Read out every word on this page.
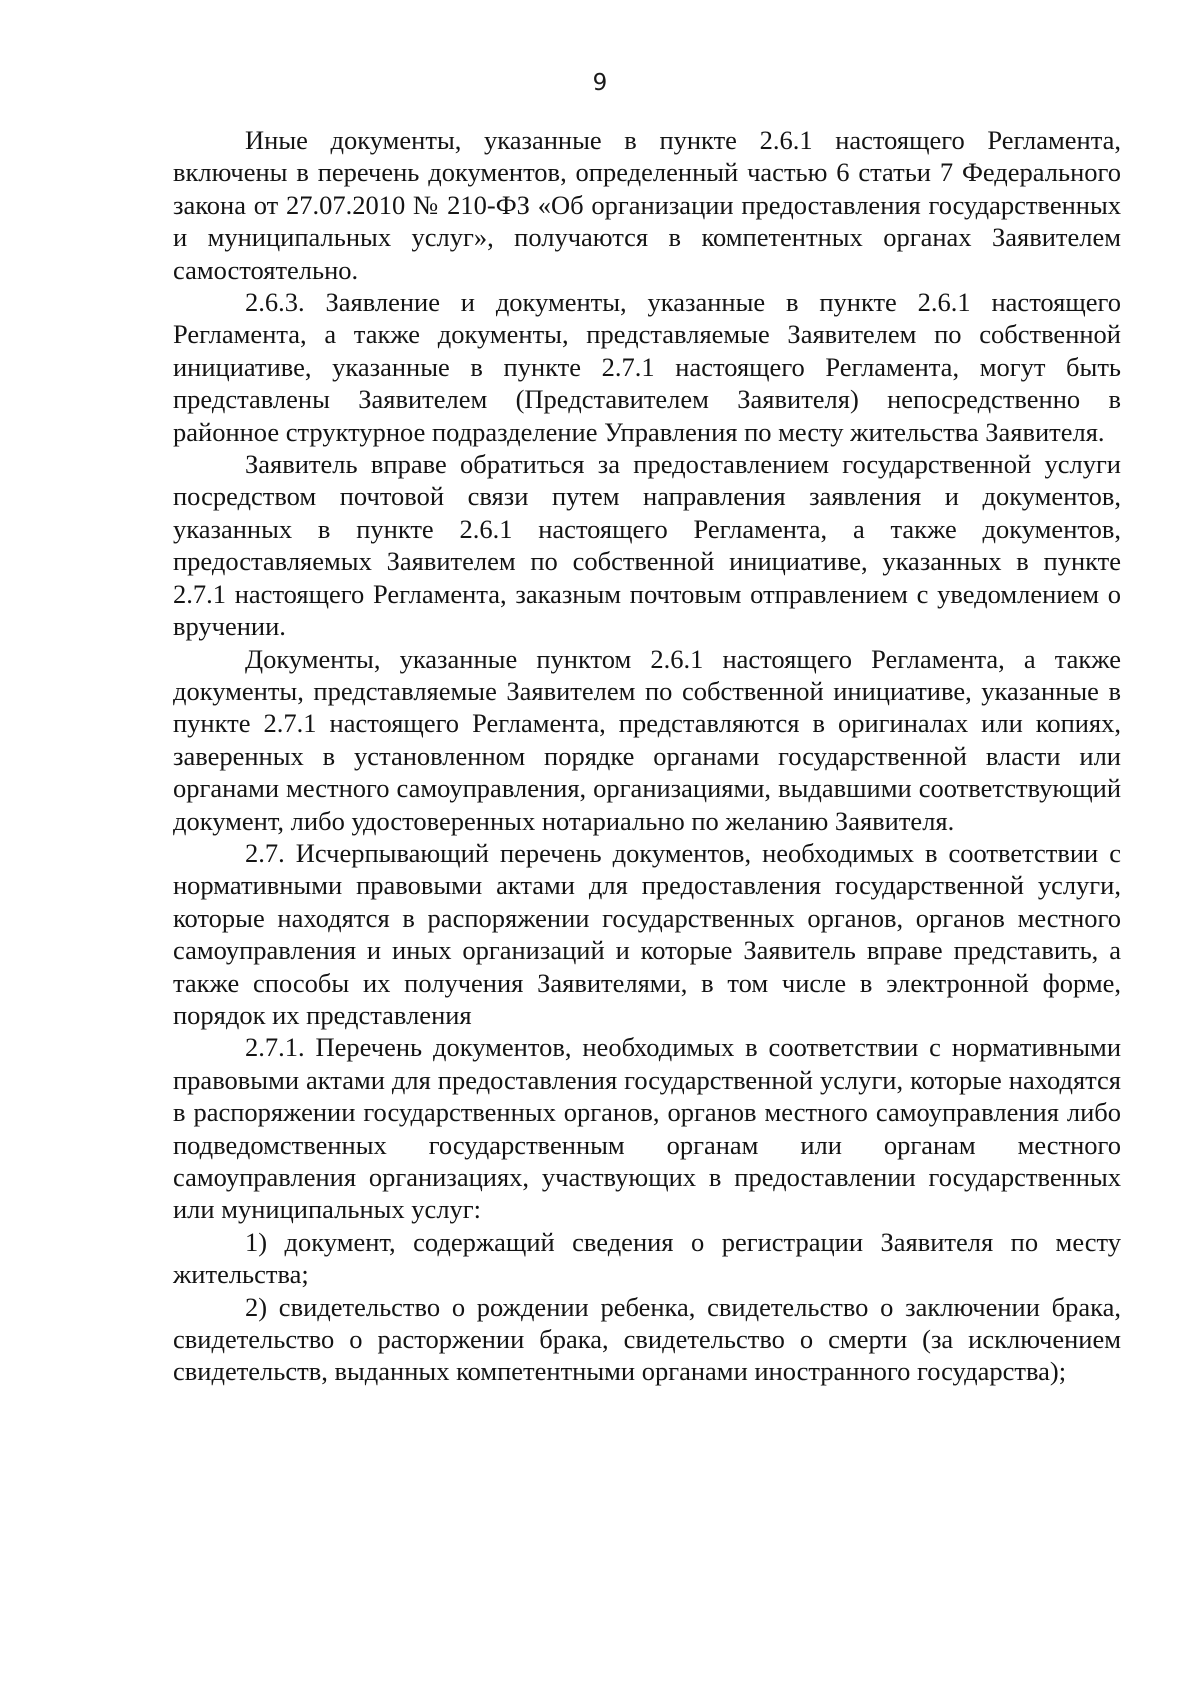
9

Иные документы, указанные в пункте 2.6.1 настоящего Регламента, включены в перечень документов, определенный частью 6 статьи 7 Федерального закона от 27.07.2010 № 210-ФЗ «Об организации предоставления государственных и муниципальных услуг», получаются в компетентных органах Заявителем самостоятельно.

2.6.3. Заявление и документы, указанные в пункте 2.6.1 настоящего Регламента, а также документы, представляемые Заявителем по собственной инициативе, указанные в пункте 2.7.1 настоящего Регламента, могут быть представлены Заявителем (Представителем Заявителя) непосредственно в районное структурное подразделение Управления по месту жительства Заявителя.

Заявитель вправе обратиться за предоставлением государственной услуги посредством почтовой связи путем направления заявления и документов, указанных в пункте 2.6.1 настоящего Регламента, а также документов, предоставляемых Заявителем по собственной инициативе, указанных в пункте 2.7.1 настоящего Регламента, заказным почтовым отправлением с уведомлением о вручении.

Документы, указанные пунктом 2.6.1 настоящего Регламента, а также документы, представляемые Заявителем по собственной инициативе, указанные в пункте 2.7.1 настоящего Регламента, представляются в оригиналах или копиях, заверенных в установленном порядке органами государственной власти или органами местного самоуправления, организациями, выдавшими соответствующий документ, либо удостоверенных нотариально по желанию Заявителя.

2.7. Исчерпывающий перечень документов, необходимых в соответствии с нормативными правовыми актами для предоставления государственной услуги, которые находятся в распоряжении государственных органов, органов местного самоуправления и иных организаций и которые Заявитель вправе представить, а также способы их получения Заявителями, в том числе в электронной форме, порядок их представления

2.7.1. Перечень документов, необходимых в соответствии с нормативными правовыми актами для предоставления государственной услуги, которые находятся в распоряжении государственных органов, органов местного самоуправления либо подведомственных государственным органам или органам местного самоуправления организациях, участвующих в предоставлении государственных или муниципальных услуг:

1) документ, содержащий сведения о регистрации Заявителя по месту жительства;

2) свидетельство о рождении ребенка, свидетельство о заключении брака, свидетельство о расторжении брака, свидетельство о смерти (за исключением свидетельств, выданных компетентными органами иностранного государства);
